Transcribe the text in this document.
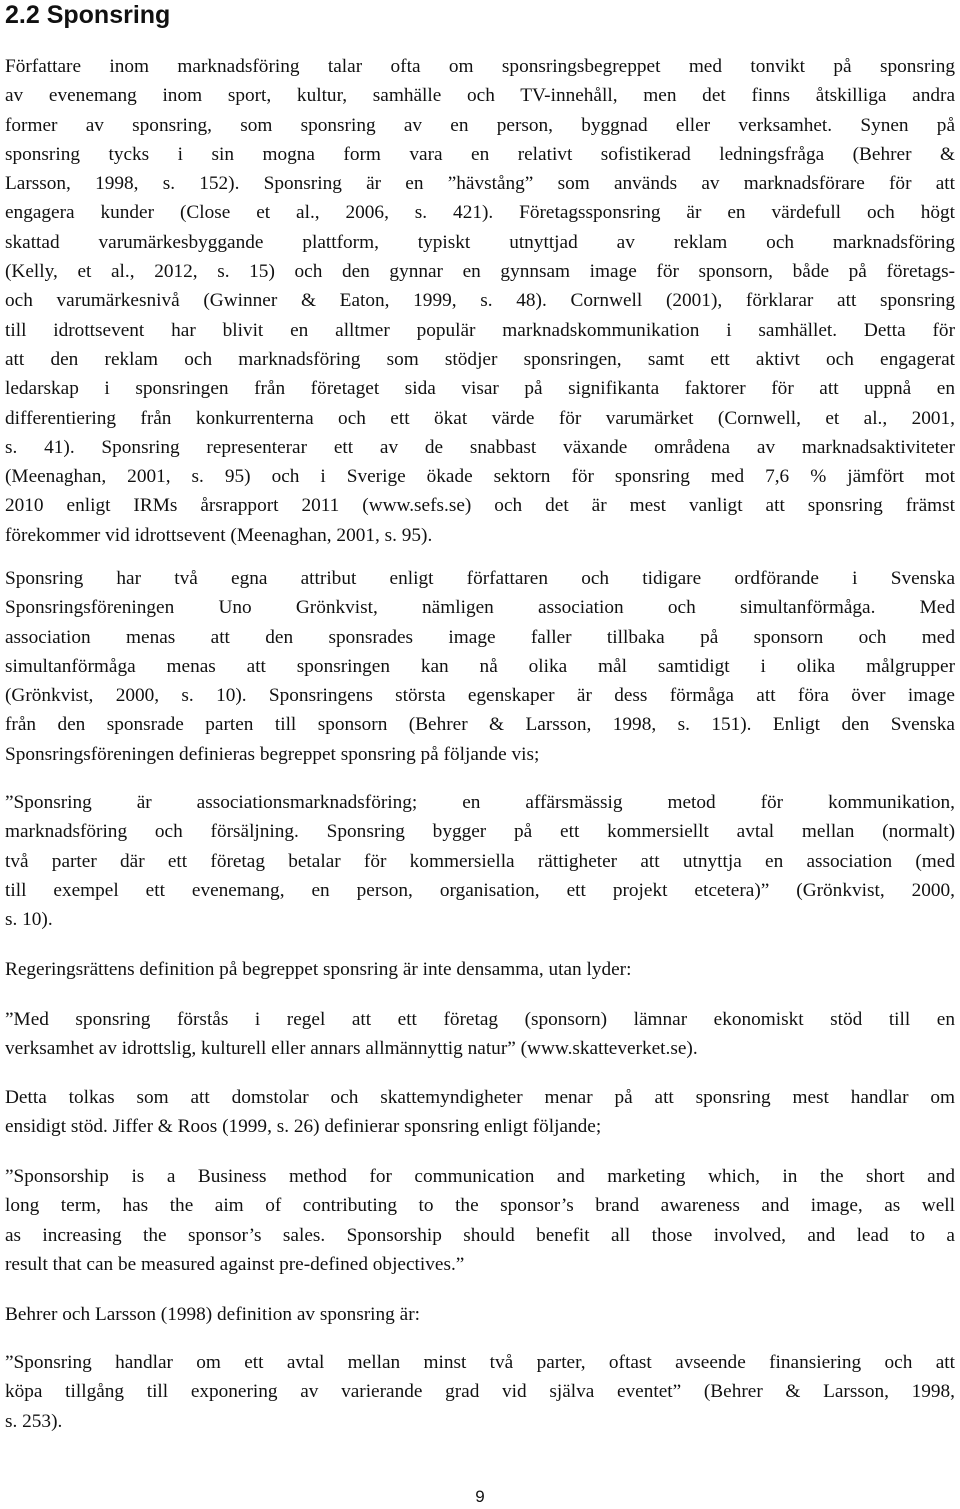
2.2 Sponsring
Författare inom marknadsföring talar ofta om sponsringsbegreppet med tonvikt på sponsring
av evenemang inom sport, kultur, samhälle och TV-innehåll, men det finns åtskilliga andra
former av sponsring, som sponsring av en person, byggnad eller verksamhet. Synen på
sponsring tycks i sin mogna form vara en relativt sofistikerad ledningsfråga (Behrer &
Larsson, 1998, s. 152). Sponsring är en ”hävstång” som används av marknadsförare för att
engagera kunder (Close et al., 2006, s. 421). Företagssponsring är en värdefull och högt
skattad varumärkesbyggande plattform, typiskt utnyttjad av reklam och marknadsföring
(Kelly, et al., 2012, s. 15) och den gynnar en gynnsam image för sponsorn, både på företags-
och varumärkesnivå (Gwinner & Eaton, 1999, s. 48). Cornwell (2001), förklarar att sponsring
till idrottsevent har blivit en alltmer populär marknadskommunikation i samhället. Detta för
att den reklam och marknadsföring som stödjer sponsringen, samt ett aktivt och engagerat
ledarskap i sponsringen från företaget sida visar på signifikanta faktorer för att uppnå en
differentiering från konkurrenterna och ett ökat värde för varumärket (Cornwell, et al., 2001,
s. 41). Sponsring representerar ett av de snabbast växande områdena av marknadsaktiviteter
(Meenaghan, 2001, s. 95) och i Sverige ökade sektorn för sponsring med 7,6 % jämfört mot
2010 enligt IRMs årsrapport 2011 (www.sefs.se) och det är mest vanligt att sponsring främst
förekommer vid idrottsevent (Meenaghan, 2001, s. 95).
Sponsring har två egna attribut enligt författaren och tidigare ordförande i Svenska
Sponsringsföreningen Uno Grönkvist, nämligen association och simultanförmåga. Med
association menas att den sponsrades image faller tillbaka på sponsorn och med
simultanförmåga menas att sponsringen kan nå olika mål samtidigt i olika målgrupper
(Grönkvist, 2000, s. 10). Sponsringens största egenskaper är dess förmåga att föra över image
från den sponsrade parten till sponsorn (Behrer & Larsson, 1998, s. 151). Enligt den Svenska
Sponsringsföreningen definieras begreppet sponsring på följande vis;
”Sponsring är associationsmarknadsföring; en affärsmässig metod för kommunikation,
marknadsföring och försäljning. Sponsring bygger på ett kommersiellt avtal mellan (normalt)
två parter där ett företag betalar för kommersiella rättigheter att utnyttja en association (med
till exempel ett evenemang, en person, organisation, ett projekt etcetera)” (Grönkvist, 2000,
s. 10).
Regeringsrättens definition på begreppet sponsring är inte densamma, utan lyder:
”Med sponsring förstås i regel att ett företag (sponsorn) lämnar ekonomiskt stöd till en
verksamhet av idrottslig, kulturell eller annars allmännyttig natur” (www.skatteverket.se).
Detta tolkas som att domstolar och skattemyndigheter menar på att sponsring mest handlar om
ensidigt stöd. Jiffer & Roos (1999, s. 26) definierar sponsring enligt följande;
”Sponsorship is a Business method for communication and marketing which, in the short and
long term, has the aim of contributing to the sponsor’s brand awareness and image, as well
as increasing the sponsor’s sales. Sponsorship should benefit all those involved, and lead to a
result that can be measured against pre-defined objectives.”
Behrer och Larsson (1998) definition av sponsring är:
”Sponsring handlar om ett avtal mellan minst två parter, oftast avseende finansiering och att
köpa tillgång till exponering av varierande grad vid själva eventet” (Behrer & Larsson, 1998,
s. 253).
9
